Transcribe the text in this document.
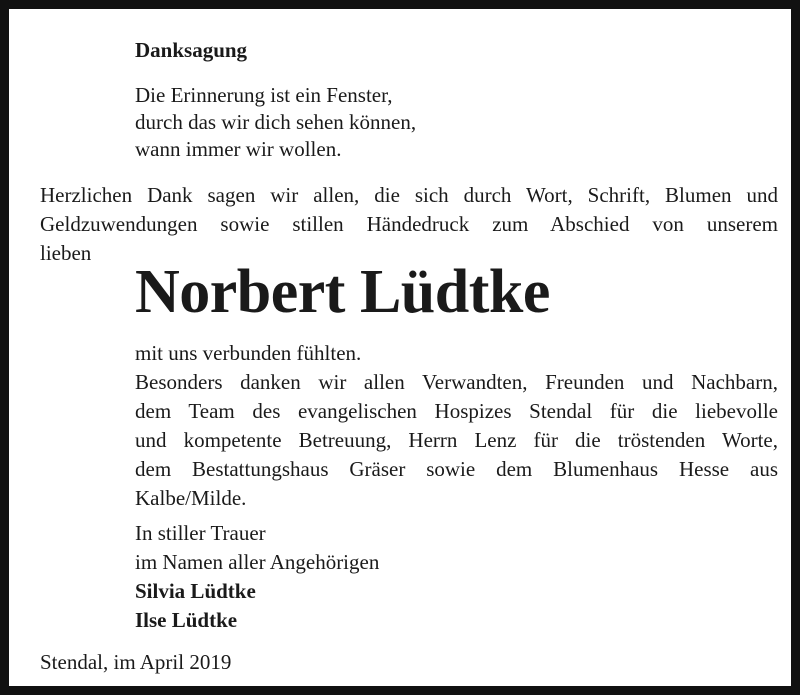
Danksagung
Die Erinnerung ist ein Fenster,
durch das wir dich sehen können,
wann immer wir wollen.
Herzlichen Dank sagen wir allen, die sich durch Wort, Schrift, Blumen und
Geldzuwendungen sowie stillen Händedruck zum Abschied von unserem
lieben
Norbert Lüdtke
mit uns verbunden fühlten.
Besonders danken wir allen Verwandten, Freunden und Nachbarn,
dem Team des evangelischen Hospizes Stendal für die liebevolle
und kompetente Betreuung, Herrn Lenz für die tröstenden Worte,
dem Bestattungshaus Gräser sowie dem Blumenhaus Hesse aus
Kalbe/Milde.
In stiller Trauer
im Namen aller Angehörigen
Silvia Lüdtke
Ilse Lüdtke
Stendal, im April 2019
